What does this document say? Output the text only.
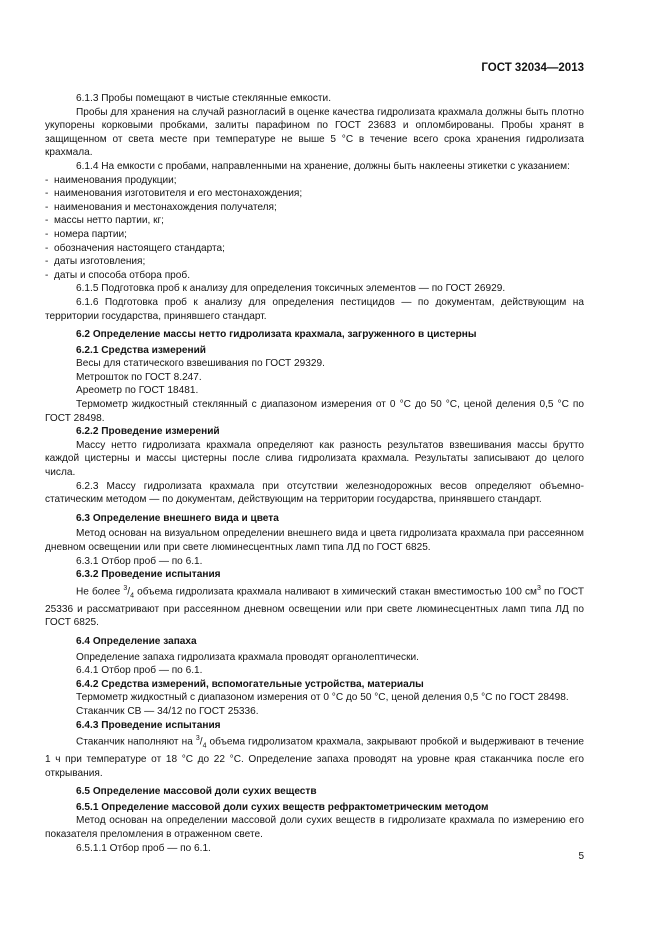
ГОСТ 32034—2013

6.1.3 Пробы помещают в чистые стеклянные емкости.

Пробы для хранения на случай разногласий в оценке качества гидролизата крахмала должны быть плотно укупорены корковыми пробками, залиты парафином по ГОСТ 23683 и опломбированы. Пробы хранят в защищенном от света месте при температуре не выше 5 °С в течение всего срока хранения гидролизата крахмала.

6.1.4 На емкости с пробами, направленными на хранение, должны быть наклеены этикетки с указанием:

- наименования продукции;
- наименования изготовителя и его местонахождения;
- наименования и местонахождения получателя;
- массы нетто партии, кг;
- номера партии;
- обозначения настоящего стандарта;
- даты изготовления;
- даты и способа отбора проб.

6.1.5 Подготовка проб к анализу для определения токсичных элементов — по ГОСТ 26929.

6.1.6 Подготовка проб к анализу для определения пестицидов — по документам, действующим на территории государства, принявшего стандарт.

6.2 Определение массы нетто гидролизата крахмала, загруженного в цистерны
6.2.1 Средства измерений

Весы для статического взвешивания по ГОСТ 29329.

Метрошток по ГОСТ 8.247.

Ареометр по ГОСТ 18481.

Термометр жидкостный стеклянный с диапазоном измерения от 0 °С до 50 °С, ценой деления 0,5 °С по ГОСТ 28498.

6.2.2 Проведение измерений

Массу нетто гидролизата крахмала определяют как разность результатов взвешивания массы брутто каждой цистерны и массы цистерны после слива гидролизата крахмала. Результаты записывают до целого числа.

6.2.3 Массу гидролизата крахмала при отсутствии железнодорожных весов определяют объемно-статическим методом — по документам, действующим на территории государства, принявшего стандарт.

6.3 Определение внешнего вида и цвета

Метод основан на визуальном определении внешнего вида и цвета гидролизата крахмала при рассеянном дневном освещении или при свете люминесцентных ламп типа ЛД по ГОСТ 6825.

6.3.1 Отбор проб — по 6.1.

6.3.2 Проведение испытания

Не более $^3/_4$ объема гидролизата крахмала наливают в химический стакан вместимостью 100 $см^3$ по ГОСТ 25336 и рассматривают при рассеянном дневном освещении или при свете люминесцентных ламп типа ЛД по ГОСТ 6825.

6.4 Определение запаха

Определение запаха гидролизата крахмала проводят органолептически.

6.4.1 Отбор проб — по 6.1.

6.4.2 Средства измерений, вспомогательные устройства, материалы

Термометр жидкостный с диапазоном измерения от 0 °С до 50 °С, ценой деления 0,5 °С по ГОСТ 28498.

Стаканчик СВ — 34/12 по ГОСТ 25336.

6.4.3 Проведение испытания

Стаканчик наполняют на $^3/_4$ объема гидролизатом крахмала, закрывают пробкой и выдерживают в течение 1 ч при температуре от 18 °С до 22 °С. Определение запаха проводят на уровне края стаканчика после его открывания.

6.5 Определение массовой доли сухих веществ
6.5.1 Определение массовой доли сухих веществ рефрактометрическим методом

Метод основан на определении массовой доли сухих веществ в гидролизате крахмала по измерению его показателя преломления в отраженном свете.

6.5.1.1 Отбор проб — по 6.1.

5
